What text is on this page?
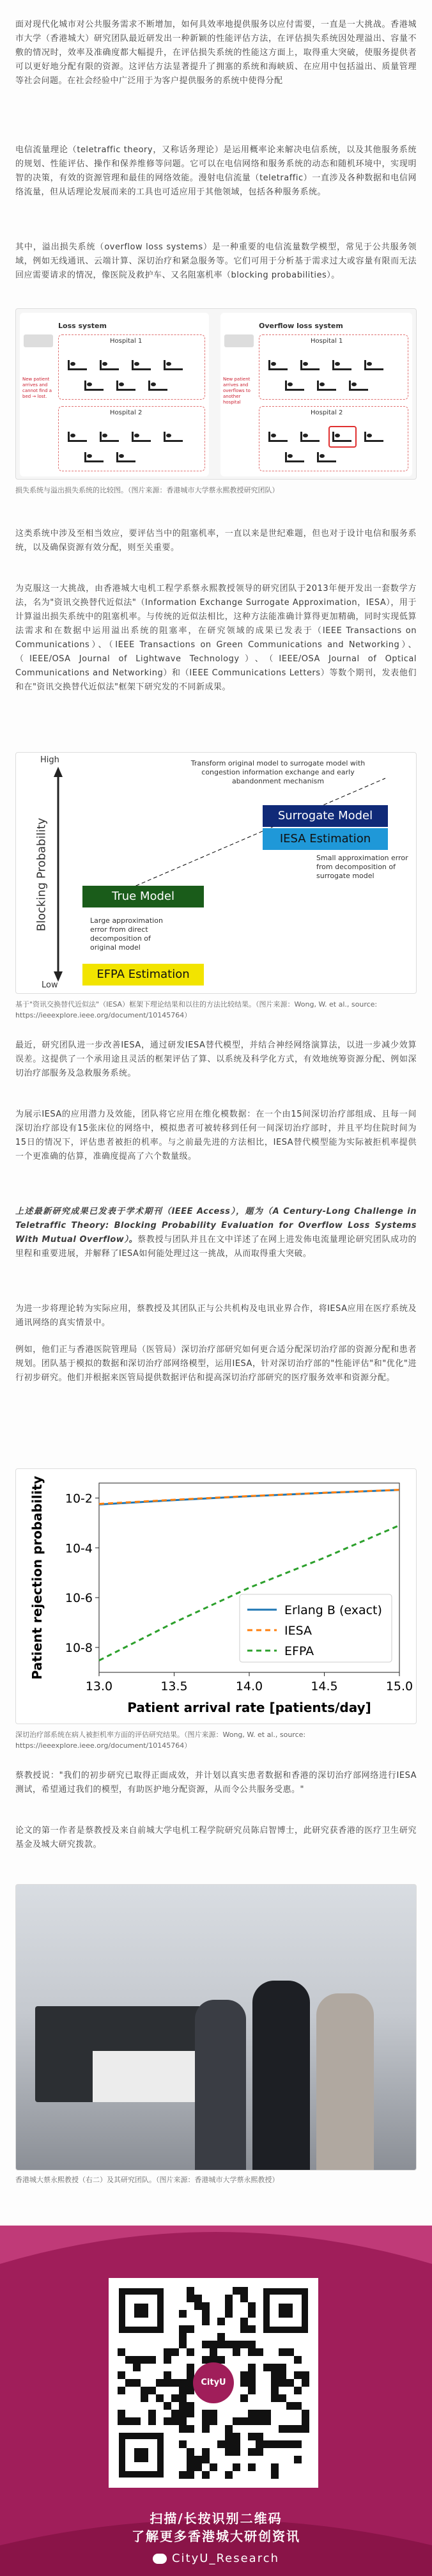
面对现代化城市对公共服务需求不断增加，如何具效率地提供服务以应付需要，一直是一大挑战。香港城市大学（香港城大）研究团队最近研发出一种新颖的性能评估方法，在评估损失系统因处理溢出、容量不敷的情况时，效率及准确度都大幅提升，在评估损失系统的性能这方面上，取得重大突破，使服务提供者可以更好地分配有限的资源。这评估方法显著提升了拥塞的系统和海峡质、在应用中包括溢出、质量管理等社会问题。在社会经验中广泛用于为客户提供服务的系统中使得分配

电信流量理论（teletraffic theory，又称话务理论）是运用概率论来解决电信系统，以及其他服务系统的规划、性能评估、操作和保养维修等问题。它可以在电信网络和服务系统的动态和随机环境中，实现明智的决策，有效的资源管理和最佳的网络效能。漫射电信流量（teletraffic）一直涉及各种数据和电信网络流量，但从话理论发展而来的工具也可适应用于其他领域，包括各种服务系统。

其中，溢出损失系统（overflow loss systems）是一种重要的电信流量数学模型，常见于公共服务领域，例如无线通讯、云端计算、深切治疗和紧急服务等。它们可用于分析基于需求过大或容量有限而无法回应需要请求的情况，像医院及救护车、又名阻塞机率（blocking probabilities）。

Loss system
Hospital 1
Hospital 2
New patient arrives and cannot find a bed → lost.
Overflow loss system
Hospital 1
Hospital 2
New patient arrives and overflows to another hospital

损失系统与溢出损失系统的比较图。（图片来源：香港城市大学蔡永熙教授研究团队）

这类系统中涉及至相当效应，要评估当中的阻塞机率，一直以来是世纪难题，但也对于设计电信和服务系统，以及确保资源有效分配，则至关重要。

为克服这一大挑战，由香港城大电机工程学系蔡永熙教授领导的研究团队于2013年便开发出一套数学方法，名为"资讯交换替代近似法"（Information Exchange Surrogate Approximation，IESA），用于计算溢出损失系统中的阻塞机率。与传统的近似法相比，这种方法能准确计算得更加精确，同时实现低算法需求和在数据中运用溢出系统的阻塞率，在研究领域的成果已发表于（IEEE Transactions on Communications）、（IEEE Transactions on Green Communications and Networking）、（IEEE/OSA Journal of Lightwave Technology）、（IEEE/OSA Journal of Optical Communications and Networking）和（IEEE Communications Letters）等数个期刊，发表他们和在"资讯交换替代近似法"框架下研究发的不同新成果。

High
Low
Blocking Probability
Transform original model to surrogate model with congestion information exchange and early abandonment mechanism
Surrogate Model
IESA Estimation
Small approximation error from decomposition of surrogate model
True Model
Large approximation error from direct decomposition of original model
EFPA Estimation

基于"资讯交换替代近似法"（IESA）框架下理论结果和以往的方法比较结果。（图片来源：Wong, W. et al., source: https://ieeexplore.ieee.org/document/10145764）

最近，研究团队进一步改善IESA，通过研发IESA替代模型，并结合神经网络演算法，以进一步减少效算误差。这提供了一个承用途且灵活的框架评估了算、以系统及科学化方式，有效地统筹资源分配、例如深切治疗部服务及急救服务系统。

为展示IESA的应用潜力及效能，团队将它应用在维化模数据：在一个由15间深切治疗部组成、且每一间深切治疗部设有15张床位的网络中，模拟患者可被转移到任何一间深切治疗部时，并且平均住院时间为15日的情况下，评估患者被拒的机率。与之前最先进的方法相比，IESA替代模型能为实际被拒机率提供一个更准确的估算，准确度提高了六个数量级。

上述最新研究成果已发表于学术期刊（IEEE Access），题为（A Century-Long Challenge in Teletraffic Theory: Blocking Probability Evaluation for Overflow Loss Systems With Mutual Overflow）。蔡教授与团队并且在文中详述了在网上进发佈电流量理论研究团队成功的里程和重要进展，并解释了IESA如何能处理过这一挑战，从而取得重大突破。

为进一步将理论转为实际应用，蔡教授及其团队正与公共机构及电讯业界合作，将IESA应用在医疗系统及通讯网络的真实情景中。

例如，他们正与香港医院管理局（医管局）深切治疗部研究如何更合适分配深切治疗部的资源分配和患者规划。团队基于模拟的数据和深切治疗部网络模型，运用IESA，针对深切治疗部的"性能评估"和"优化"进行初步研究。他们并根据来医管局提供数据评估和提高深切治疗部研究的医疗服务效率和资源分配。

13.0	13.5	14.0	14.5	15.0
10-2
10-4
10-6
10-8
Erlang B (exact)
IESA
EFPA
Patient arrival rate [patients/day]
Patient rejection probability

深切治疗部系统在病人被拒机率方面的评估研究结果。（图片来源：Wong, W. et al., source: https://ieeexplore.ieee.org/document/10145764）

蔡教授说："我们的初步研究已取得正面成效，并计划以真实患者数据和香港的深切治疗部网络进行IESA测试，希望通过我们的模型，有助医护地分配资源，从而令公共服务受惠。"

论文的第一作者是蔡教授及来自前城大学电机工程学院研究员陈启智博士，此研究获香港的医疗卫生研究基金及城大研究拨款。

香港城大蔡永熙教授（右二）及其研究团队。（图片来源：香港城市大学蔡永熙教授）

CityU
扫描/长按识别二维码
了解更多香港城大研创资讯
CityU_Research
